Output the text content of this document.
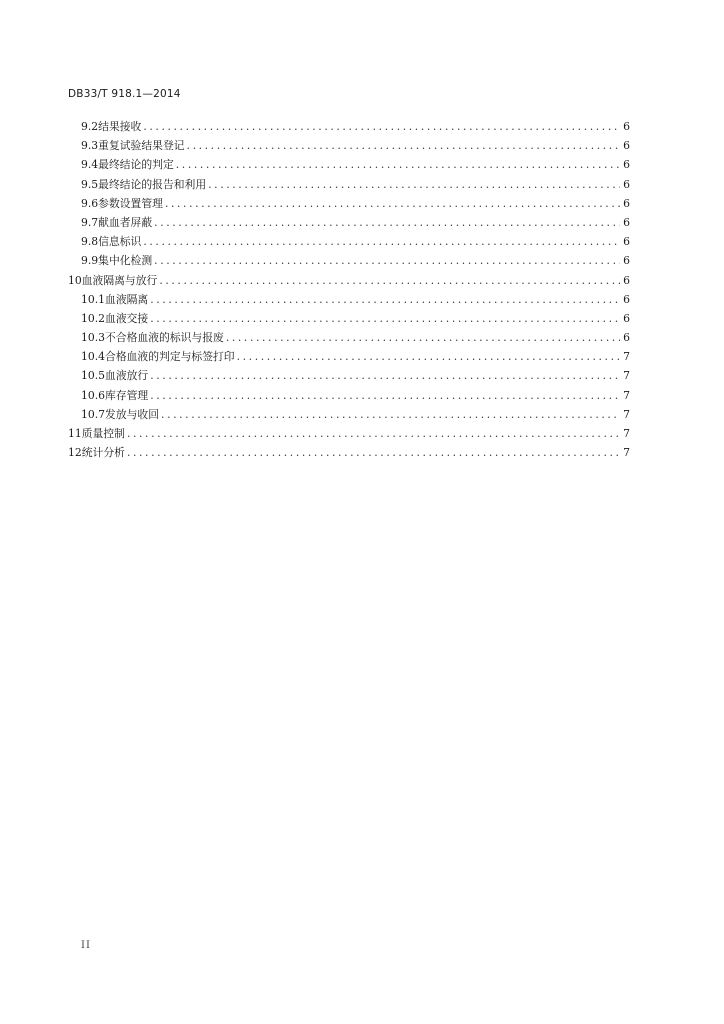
DB33/T 918.1—2014
9.2 结果接收 .....	6
9.3 重复试验结果登记 .....	6
9.4 最终结论的判定 .....	6
9.5 最终结论的报告和利用 .....	6
9.6 参数设置管理 .....	6
9.7 献血者屏蔽 .....	6
9.8 信息标识 .....	6
9.9 集中化检测 .....	6
10 血液隔离与放行 .....	6
10.1 血液隔离 .....	6
10.2 血液交接 .....	6
10.3 不合格血液的标识与报废 .....	6
10.4 合格血液的判定与标签打印 .....	7
10.5 血液放行 .....	7
10.6 库存管理 .....	7
10.7 发放与收回 .....	7
11 质量控制 .....	7
12 统计分析 .....	7
II
